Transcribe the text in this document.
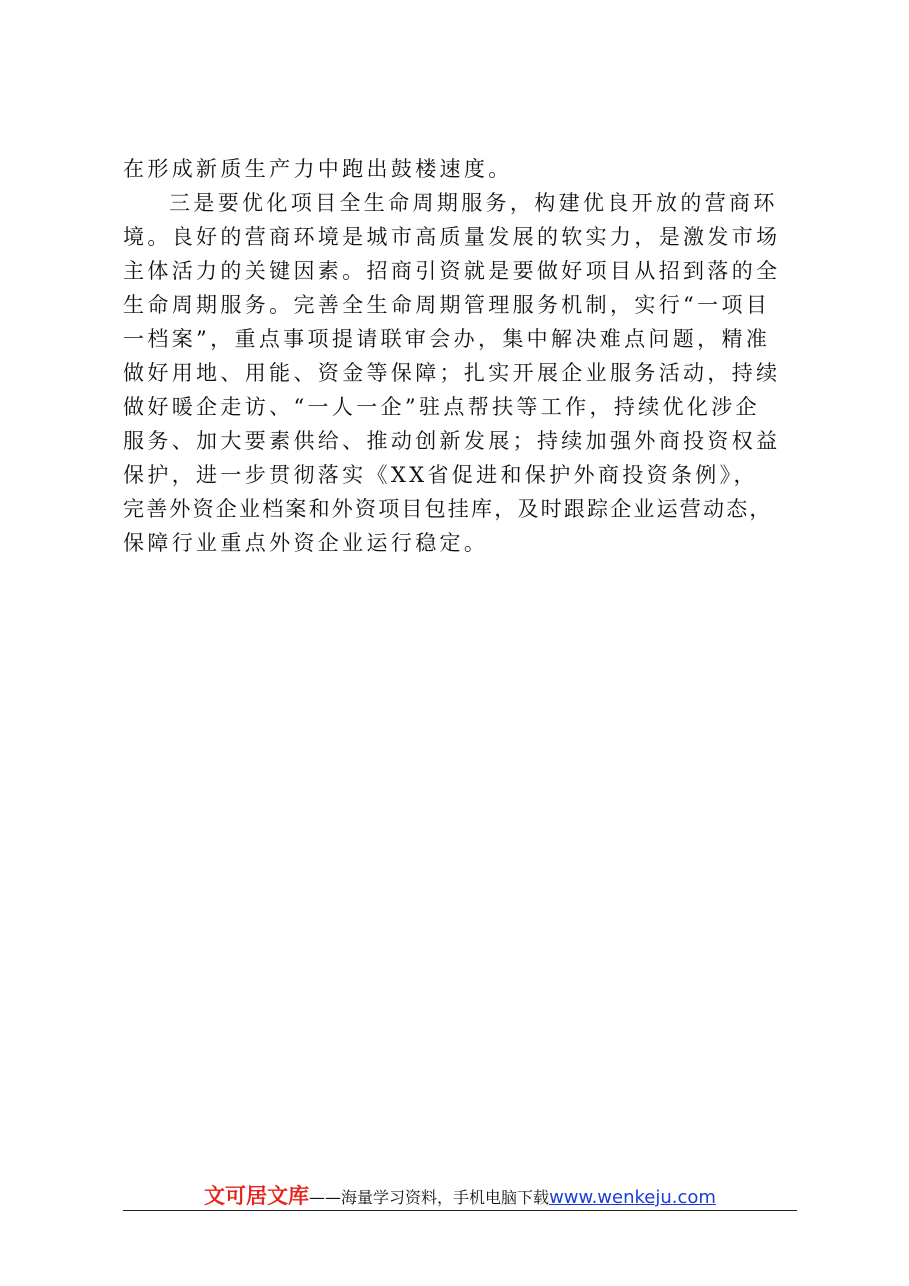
在形成新质生产力中跑出鼓楼速度。
三是要优化项目全生命周期服务，构建优良开放的营商环
境。良好的营商环境是城市高质量发展的软实力，是激发市场
主体活力的关键因素。招商引资就是要做好项目从招到落的全
生命周期服务。完善全生命周期管理服务机制，实行“一项目
一档案”，重点事项提请联审会办，集中解决难点问题，精准
做好用地、用能、资金等保障；扎实开展企业服务活动，持续
做好暖企走访、“一人一企”驻点帮扶等工作，持续优化涉企
服务、加大要素供给、推动创新发展；持续加强外商投资权益
保护，进一步贯彻落实《XX省促进和保护外商投资条例》，
完善外资企业档案和外资项目包挂库，及时跟踪企业运营动态，
保障行业重点外资企业运行稳定。
文可居文库——海量学习资料，手机电脑下载www.wenkeju.com
